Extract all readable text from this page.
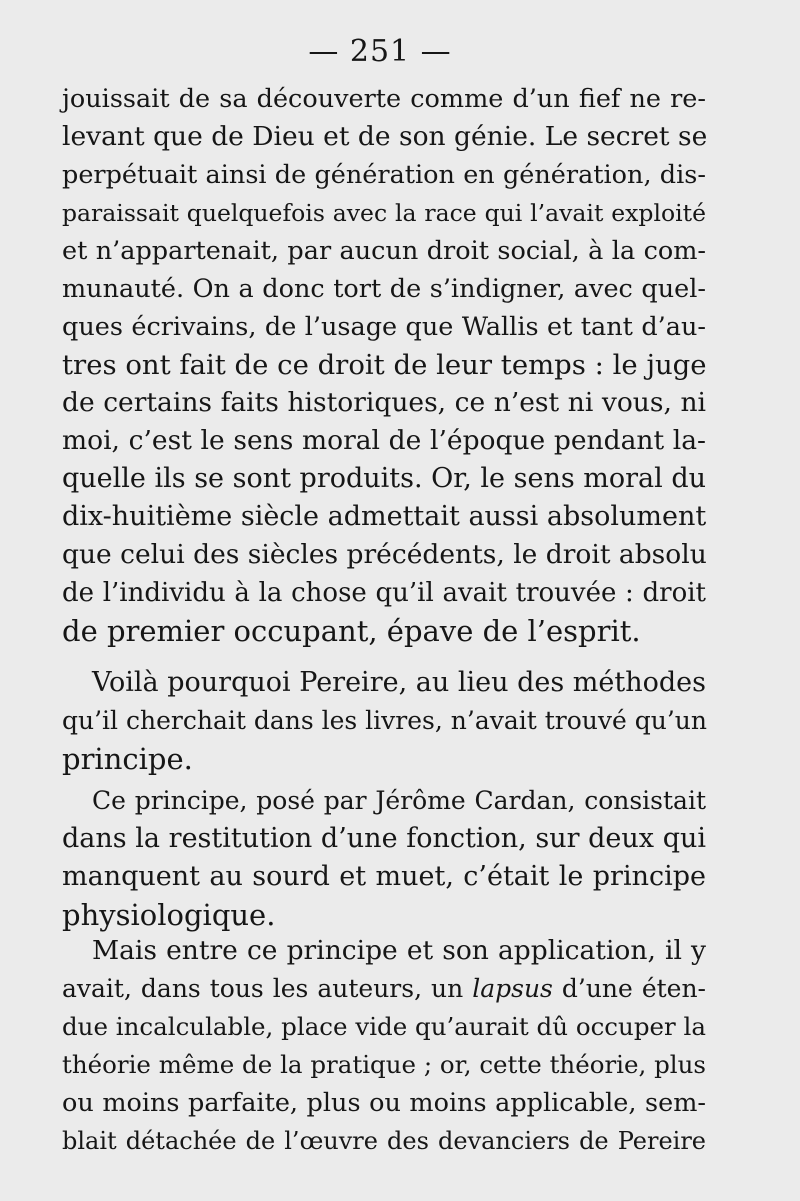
— 251 —
jouissait de sa découverte comme d’un fief ne re-
levant que de Dieu et de son génie. Le secret se
perpétuait ainsi de génération en génération, dis-
paraissait quelquefois avec la race qui l’avait exploité
et n’appartenait, par aucun droit social, à la com-
munauté. On a donc tort de s’indigner, avec quel-
ques écrivains, de l’usage que Wallis et tant d’au-
tres ont fait de ce droit de leur temps : le juge
de certains faits historiques, ce n’est ni vous, ni
moi, c’est le sens moral de l’époque pendant la-
quelle ils se sont produits. Or, le sens moral du
dix-huitième siècle admettait aussi absolument
que celui des siècles précédents, le droit absolu
de l’individu à la chose qu’il avait trouvée : droit
de premier occupant, épave de l’esprit.
Voilà pourquoi Pereire, au lieu des méthodes
qu’il cherchait dans les livres, n’avait trouvé qu’un
principe.
Ce principe, posé par Jérôme Cardan, consistait
dans la restitution d’une fonction, sur deux qui
manquent au sourd et muet, c’était le principe
physiologique.
Mais entre ce principe et son application, il y
avait, dans tous les auteurs, un lapsus d’une éten-
due incalculable, place vide qu’aurait dû occuper la
théorie même de la pratique ; or, cette théorie, plus
ou moins parfaite, plus ou moins applicable, sem-
blait détachée de l’œuvre des devanciers de Pereire
